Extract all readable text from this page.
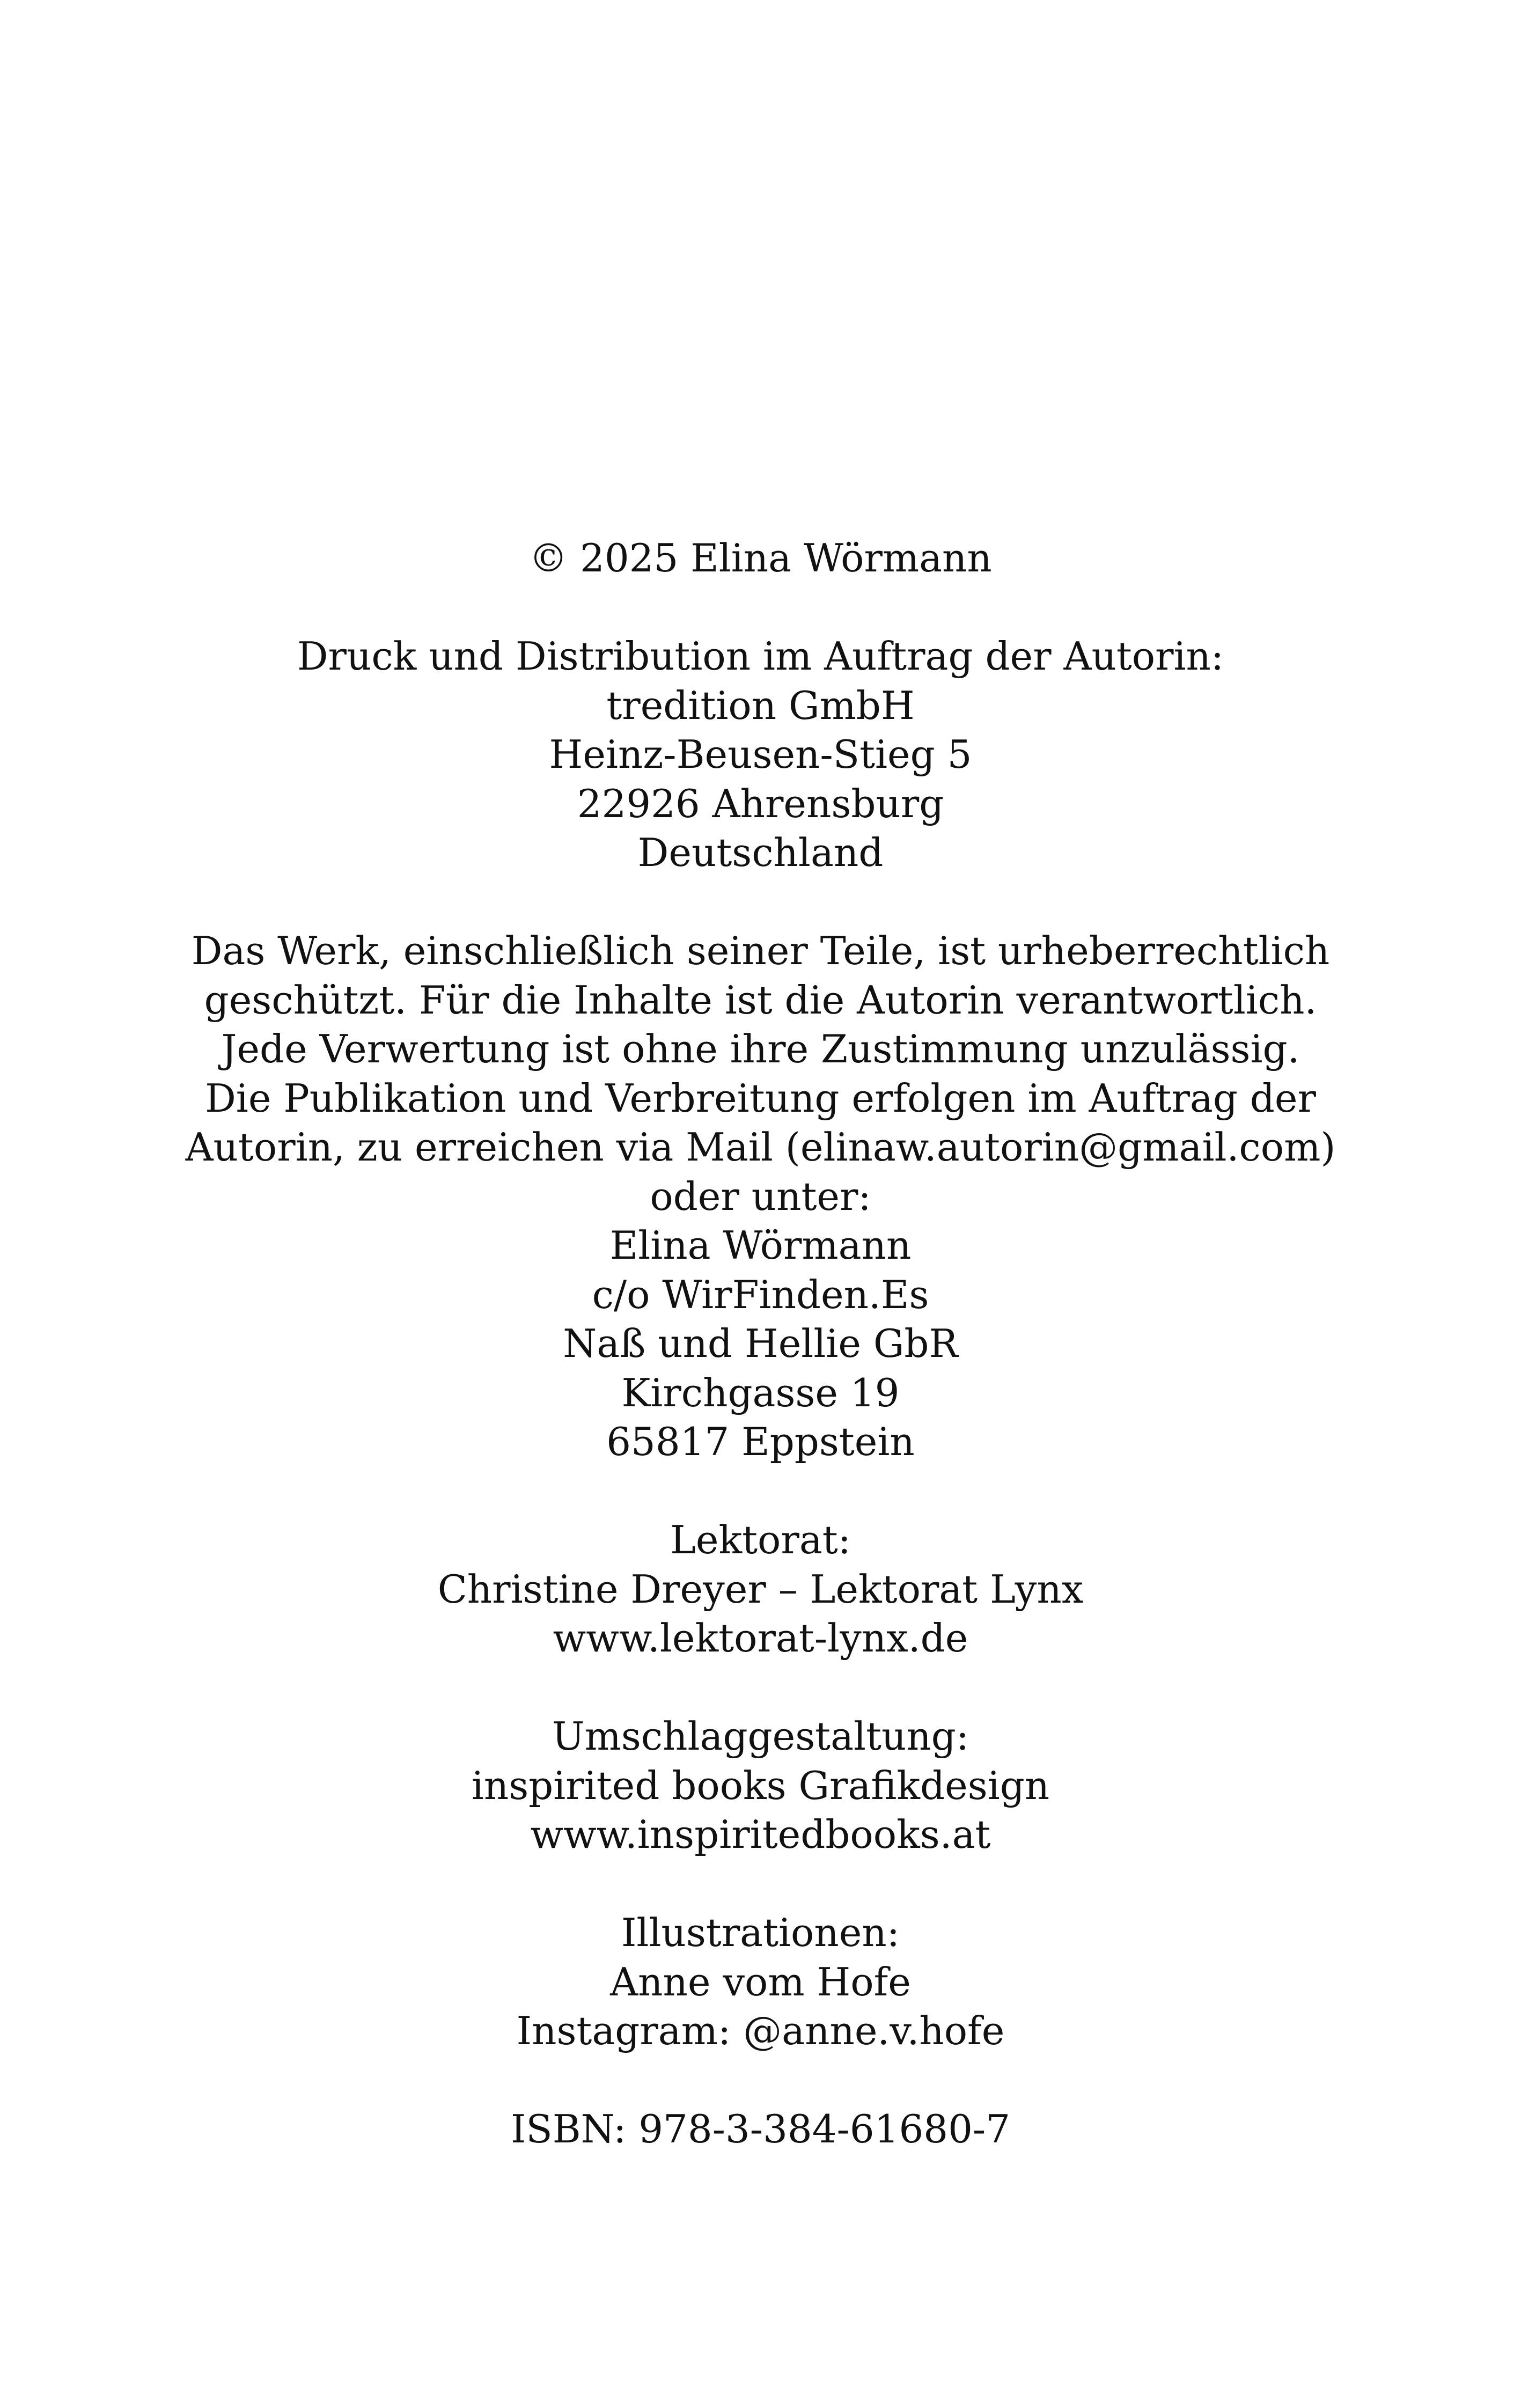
© 2025 Elina Wörmann
Druck und Distribution im Auftrag der Autorin:
tredition GmbH
Heinz-Beusen-Stieg 5
22926 Ahrensburg
Deutschland
Das Werk, einschließlich seiner Teile, ist urheberrechtlich
geschützt. Für die Inhalte ist die Autorin verantwortlich.
Jede Verwertung ist ohne ihre Zustimmung unzulässig.
Die Publikation und Verbreitung erfolgen im Auftrag der
Autorin, zu erreichen via Mail (elinaw.autorin@gmail.com)
oder unter:
Elina Wörmann
c/o WirFinden.Es
Naß und Hellie GbR
Kirchgasse 19
65817 Eppstein
Lektorat:
Christine Dreyer – Lektorat Lynx
www.lektorat-lynx.de
Umschlaggestaltung:
inspirited books Grafikdesign
www.inspiritedbooks.at
Illustrationen:
Anne vom Hofe
Instagram: @anne.v.hofe
ISBN: 978-3-384-61680-7
